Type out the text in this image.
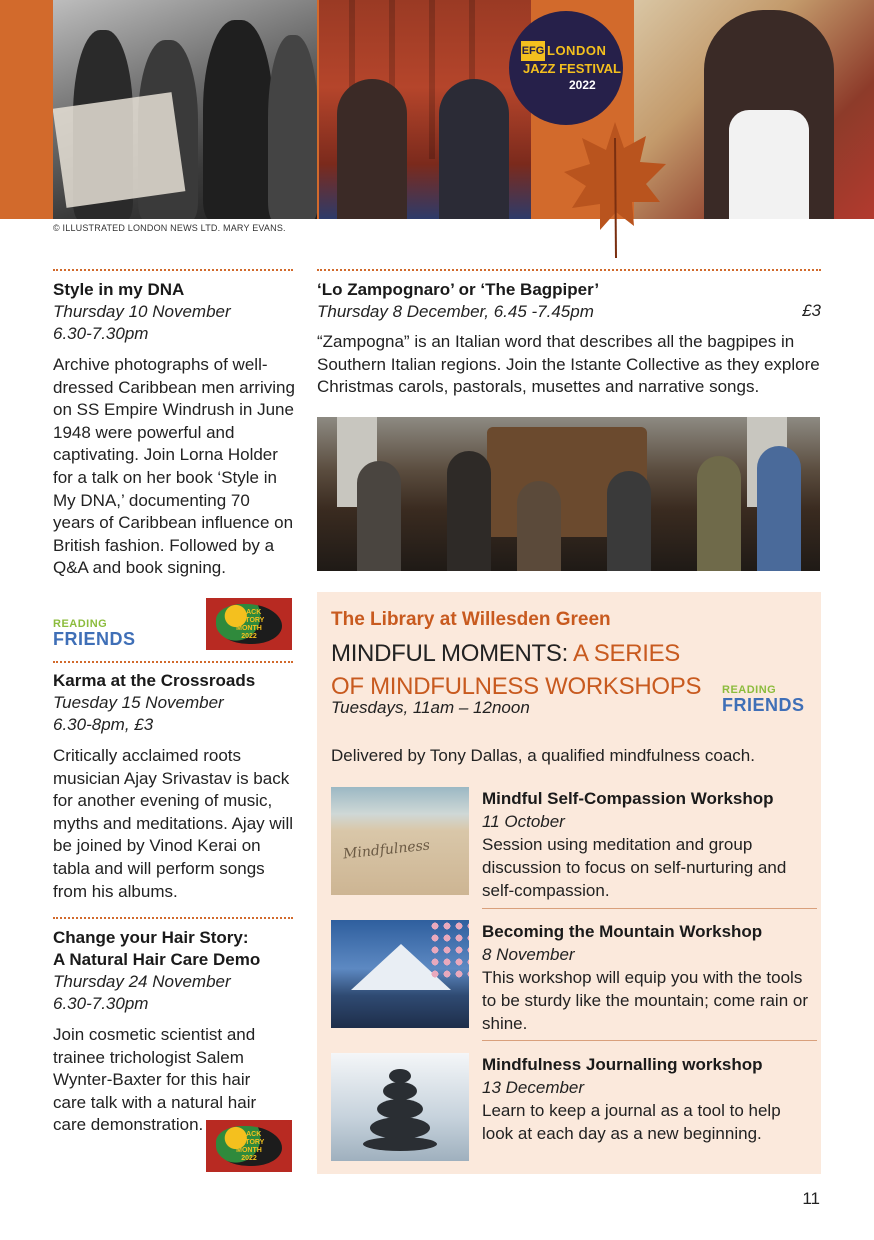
EFG LONDON
JAZZ FESTIVAL
2022
© ILLUSTRATED LONDON NEWS LTD. MARY EVANS.
Style in my DNA
Thursday 10 November
6.30-7.30pm
Archive photographs of well-dressed Caribbean men arriving on SS Empire Windrush in June 1948 were powerful and captivating. Join Lorna Holder for a talk on her book ‘Style in My DNA,’ documenting 70 years of Caribbean influence on British fashion. Followed by a Q&A and book signing.
READING
FRIENDS
BLACK
HISTORY
MONTH
2022
Karma at the Crossroads
Tuesday 15 November
6.30-8pm, £3
Critically acclaimed roots musician Ajay Srivastav is back for another evening of music, myths and meditations. Ajay will be joined by Vinod Kerai on tabla and will perform songs from his albums.
Change your Hair Story:
A Natural Hair Care Demo
Thursday 24 November
6.30-7.30pm
Join cosmetic scientist and trainee trichologist Salem Wynter-Baxter for this hair care talk with a natural hair care demonstration.
BLACK
HISTORY
MONTH
2022
‘Lo Zampognaro’ or ‘The Bagpiper’
Thursday 8 December, 6.45 -7.45pm	£3
“Zampogna” is an Italian word that describes all the bagpipes in Southern Italian regions. Join the Istante Collective as they explore Christmas carols, pastorals, musettes and narrative songs.
The Library at Willesden Green
MINDFUL MOMENTS: A SERIES
OF MINDFULNESS WORKSHOPS
Tuesdays, 11am – 12noon
READING
FRIENDS
Delivered by Tony Dallas, a qualified mindfulness coach.
Mindfulness
Mindful Self-Compassion Workshop
11 October
Session using meditation and group discussion to focus on self-nurturing and self-compassion.
Becoming the Mountain Workshop
8 November
This workshop will equip you with the tools to be sturdy like the mountain; come rain or shine.
Mindfulness Journalling workshop
13 December
Learn to keep a journal as a tool to help look at each day as a new beginning.
11
